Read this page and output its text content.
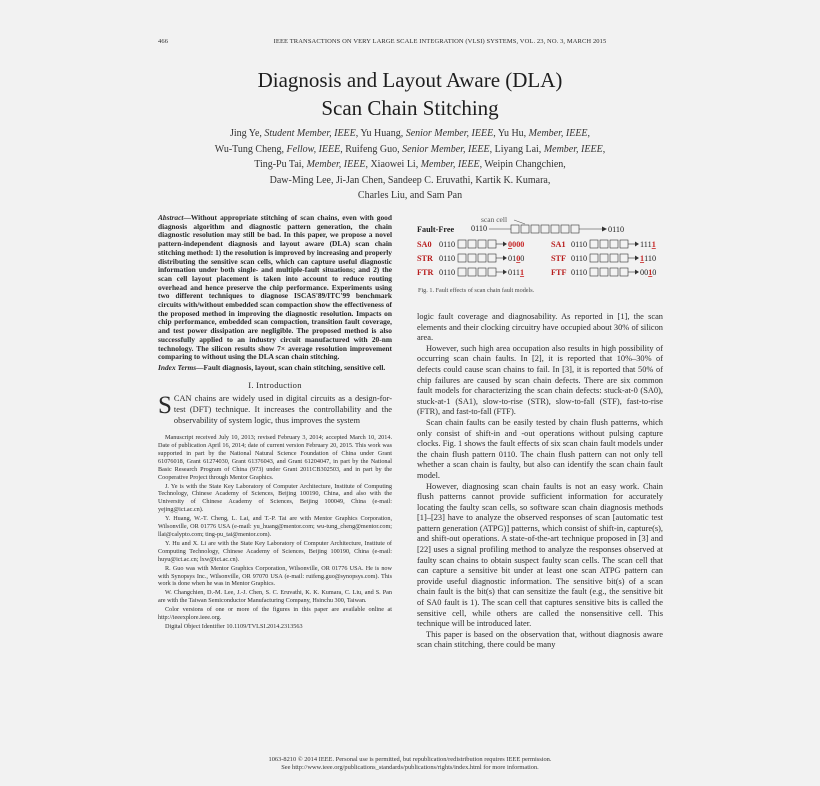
466	IEEE TRANSACTIONS ON VERY LARGE SCALE INTEGRATION (VLSI) SYSTEMS, VOL. 23, NO. 3, MARCH 2015
Diagnosis and Layout Aware (DLA)
Scan Chain Stitching
Jing Ye, Student Member, IEEE, Yu Huang, Senior Member, IEEE, Yu Hu, Member, IEEE,
Wu-Tung Cheng, Fellow, IEEE, Ruifeng Guo, Senior Member, IEEE, Liyang Lai, Member, IEEE,
Ting-Pu Tai, Member, IEEE, Xiaowei Li, Member, IEEE, Weipin Changchien,
Daw-Ming Lee, Ji-Jan Chen, Sandeep C. Eruvathi, Kartik K. Kumara,
Charles Liu, and Sam Pan
Abstract—Without appropriate stitching of scan chains, even with good diagnosis algorithm and diagnostic pattern generation, the chain diagnostic resolution may still be bad. In this paper, we propose a novel pattern-independent diagnosis and layout aware (DLA) scan chain stitching method: 1) the resolution is improved by increasing and properly distributing the sensitive scan cells, which can capture useful diagnostic information under both single- and multiple-fault situations; and 2) the scan cell layout placement is taken into account to reduce routing overhead and hence preserve the chip performance. Experiments using two different techniques to diagnose ISCAS'89/ITC'99 benchmark circuits with/without embedded scan compaction show the effectiveness of the proposed method in improving the diagnostic resolution. Impacts on chip performance, embedded scan compaction, transition fault coverage, and test power dissipation are negligible. The proposed method is also successfully applied to an industry circuit manufactured with 20-nm technology. The silicon results show 7× average resolution improvement comparing to without using the DLA scan chain stitching.
Index Terms—Fault diagnosis, layout, scan chain stitching, sensitive cell.
I. Introduction
SCAN chains are widely used in digital circuits as a design-for-test (DFT) technique. It increases the controllability and the observability of system logic, thus improves the system

Manuscript received July 10, 2013; revised February 3, 2014; accepted March 10, 2014. Date of publication April 16, 2014; date of current version February 20, 2015. This work was supported in part by the National Natural Science Foundation of China under Grant 61076018, Grant 61274030, Grant 61376043, and Grant 61204047, in part by the National Basic Research Program of China (973) under Grant 2011CB302503, and in part by the Cooperative Project through Mentor Graphics.

J. Ye is with the State Key Laboratory of Computer Architecture, Institute of Computing Technology, Chinese Academy of Sciences, Beijing 100190, China, and also with the University of Chinese Academy of Sciences, Beijing 100049, China (e-mail: yejing@ict.ac.cn).

Y. Huang, W.-T. Cheng, L. Lai, and T.-P. Tai are with Mentor Graphics Corporation, Wilsonville, OR 01776 USA (e-mail: yu_huang@mentor.com; wu-tung_cheng@mentor.com; llai@calypto.com; ting-pu_tai@mentor.com).

Y. Hu and X. Li are with the State Key Laboratory of Computer Architecture, Institute of Computing Technology, Chinese Academy of Sciences, Beijing 100190, China (e-mail: huyu@ict.ac.cn; lxw@ict.ac.cn).

R. Guo was with Mentor Graphics Corporation, Wilsonville, OR 01776 USA. He is now with Synopsys Inc., Wilsonville, OR 97070 USA (e-mail: ruifeng.guo@synopsys.com). This work is done when he was in Mentor Graphics.

W. Changchien, D.-M. Lee, J.-J. Chen, S. C. Eruvathi, K. K. Kumara, C. Liu, and S. Pan are with the Taiwan Semiconductor Manufacturing Company, Hsinchu 300, Taiwan.

Color versions of one or more of the figures in this paper are available online at http://ieeexplore.ieee.org.

Digital Object Identifier 10.1109/TVLSI.2014.2313563

scan cell
Fault-Free 0110	0110
SA0 0110	0000	SA1 0110	1111
STR 0110	0100	STF 0110	1110
FTR 0110	0111	FTF 0110	0010
Fig. 1. Fault effects of scan chain fault models.

logic fault coverage and diagnosability. As reported in [1], the scan elements and their clocking circuitry have occupied about 30% of silicon area.

However, such high area occupation also results in high possibility of occurring scan chain faults. In [2], it is reported that 10%–30% of defects could cause scan chains to fail. In [3], it is reported that 50% of chip failures are caused by scan chain defects. There are six common fault models for characterizing the scan chain defects: stuck-at-0 (SA0), stuck-at-1 (SA1), slow-to-rise (STR), slow-to-fall (STF), fast-to-rise (FTR), and fast-to-fall (FTF).

Scan chain faults can be easily tested by chain flush patterns, which only consist of shift-in and -out operations without pulsing capture clocks. Fig. 1 shows the fault effects of six scan chain fault models under the chain flush pattern 0110. The chain flush pattern can not only tell whether a scan chain is faulty, but also can identify the scan chain fault model.

However, diagnosing scan chain faults is not an easy work. Chain flush patterns cannot provide sufficient information for accurately locating the faulty scan cells, so software scan chain diagnosis methods [1]–[23] have to analyze the observed responses of scan [automatic test pattern generation (ATPG)] patterns, which consist of shift-in, capture(s), and shift-out operations. A state-of-the-art technique proposed in [3] and [22] uses a signal profiling method to analyze the responses observed at faulty scan chains to obtain suspect faulty scan cells. The scan cell that can capture a sensitive bit under at least one scan ATPG pattern can provide useful diagnostic information. The sensitive bit(s) of a scan chain fault is the bit(s) that can sensitize the fault (e.g., the sensitive bit of SA0 fault is 1). The scan cell that captures sensitive bits is called the sensitive cell, while others are called the nonsensitive cell. This technique will be introduced later.

This paper is based on the observation that, without diagnosis aware scan chain stitching, there could be many

1063-8210 © 2014 IEEE. Personal use is permitted, but republication/redistribution requires IEEE permission.
See http://www.ieee.org/publications_standards/publications/rights/index.html for more information.
